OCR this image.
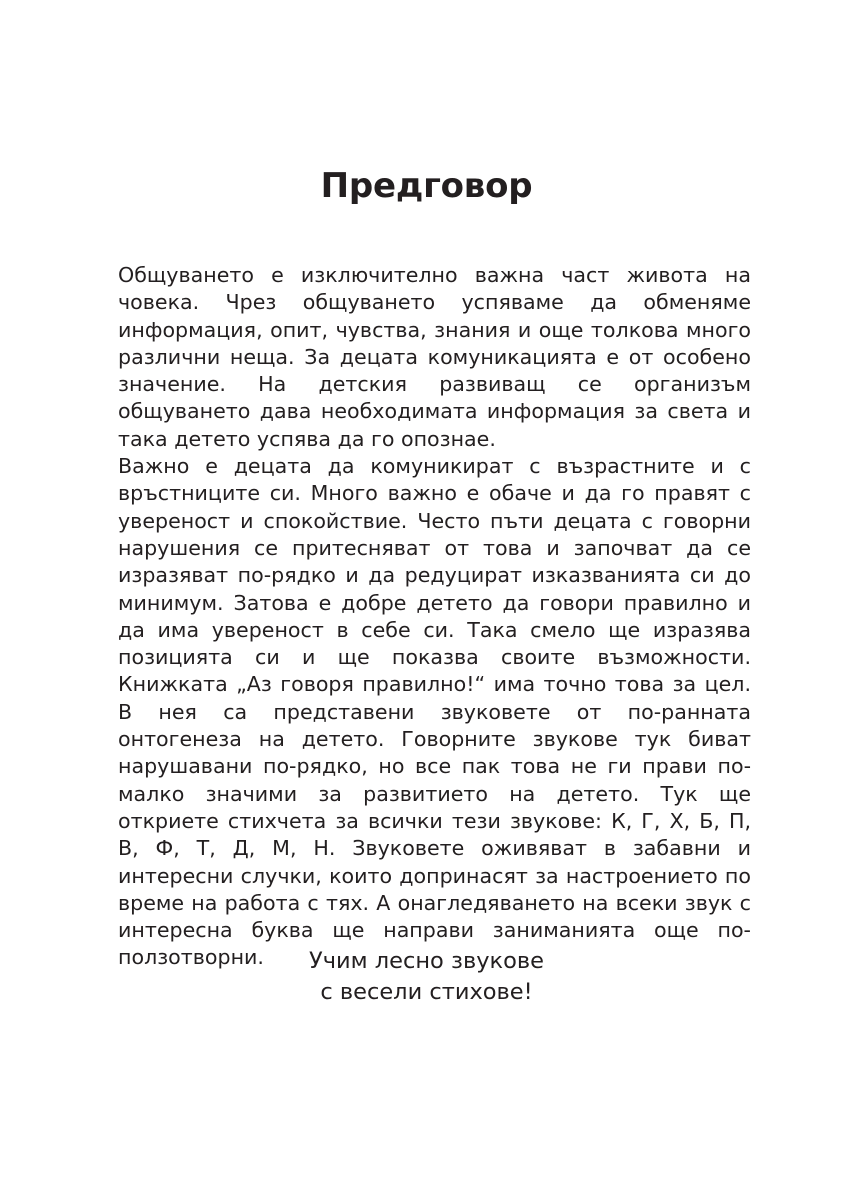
Предговор

Общуването е изключително важна част живота на човека. Чрез общуването успяваме да обменяме информация, опит, чувства, знания и още толкова много различни неща. За децата комуникацията е от особено значение. На детския развиващ се организъм общуването дава необходимата информация за света и така детето успява да го опознае.

Важно е децата да комуникират с възрастните и с връстниците си. Много важно е обаче и да го правят с увереност и спокойствие. Често пъти децата с говорни нарушения се притесняват от това и започват да се изразяват по-рядко и да редуцират изказванията си до минимум. Затова е добре детето да говори правилно и да има увереност в себе си. Така смело ще изразява позицията си и ще показва своите възможности. Книжката „Аз говоря правилно!“ има точно това за цел. В нея са представени звуковете от по-ранната онтогенеза на детето. Говорните звукове тук биват нарушавани по-рядко, но все пак това не ги прави по-малко значими за развитието на детето. Тук ще откриете стихчета за всички тези звукове: К, Г, Х, Б, П, В, Ф, Т, Д, М, Н. Звуковете оживяват в забавни и интересни случки, които допринасят за настроението по време на работа с тях. А онагледяването на всеки звук с интересна буква ще направи заниманията още по-ползотворни.	Учим лесно звукове
с весели стихове!
